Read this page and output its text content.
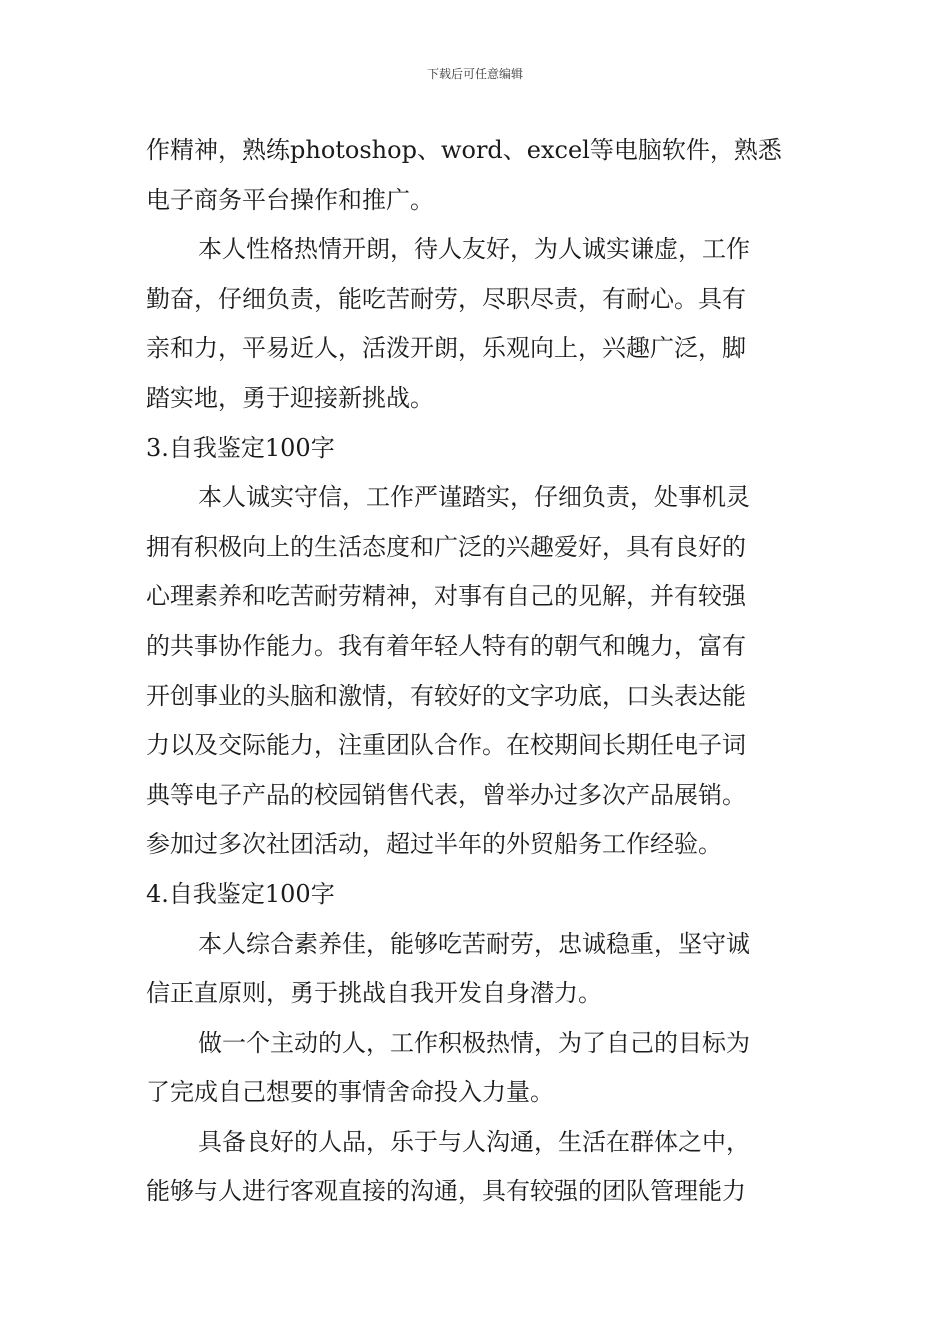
下载后可任意编辑
作精神，熟练photoshop、word、excel等电脑软件，熟悉
电子商务平台操作和推广。
本人性格热情开朗，待人友好，为人诚实谦虚，工作
勤奋，仔细负责，能吃苦耐劳，尽职尽责，有耐心。具有
亲和力，平易近人，活泼开朗，乐观向上，兴趣广泛，脚
踏实地，勇于迎接新挑战。
3.自我鉴定100字
本人诚实守信，工作严谨踏实，仔细负责，处事机灵
拥有积极向上的生活态度和广泛的兴趣爱好，具有良好的
心理素养和吃苦耐劳精神，对事有自己的见解，并有较强
的共事协作能力。我有着年轻人特有的朝气和魄力，富有
开创事业的头脑和激情，有较好的文字功底，口头表达能
力以及交际能力，注重团队合作。在校期间长期任电子词
典等电子产品的校园销售代表，曾举办过多次产品展销。
参加过多次社团活动，超过半年的外贸船务工作经验。
4.自我鉴定100字
本人综合素养佳，能够吃苦耐劳，忠诚稳重，坚守诚
信正直原则，勇于挑战自我开发自身潜力。
做一个主动的人，工作积极热情，为了自己的目标为
了完成自己想要的事情舍命投入力量。
具备良好的人品，乐于与人沟通，生活在群体之中，
能够与人进行客观直接的沟通，具有较强的团队管理能力
